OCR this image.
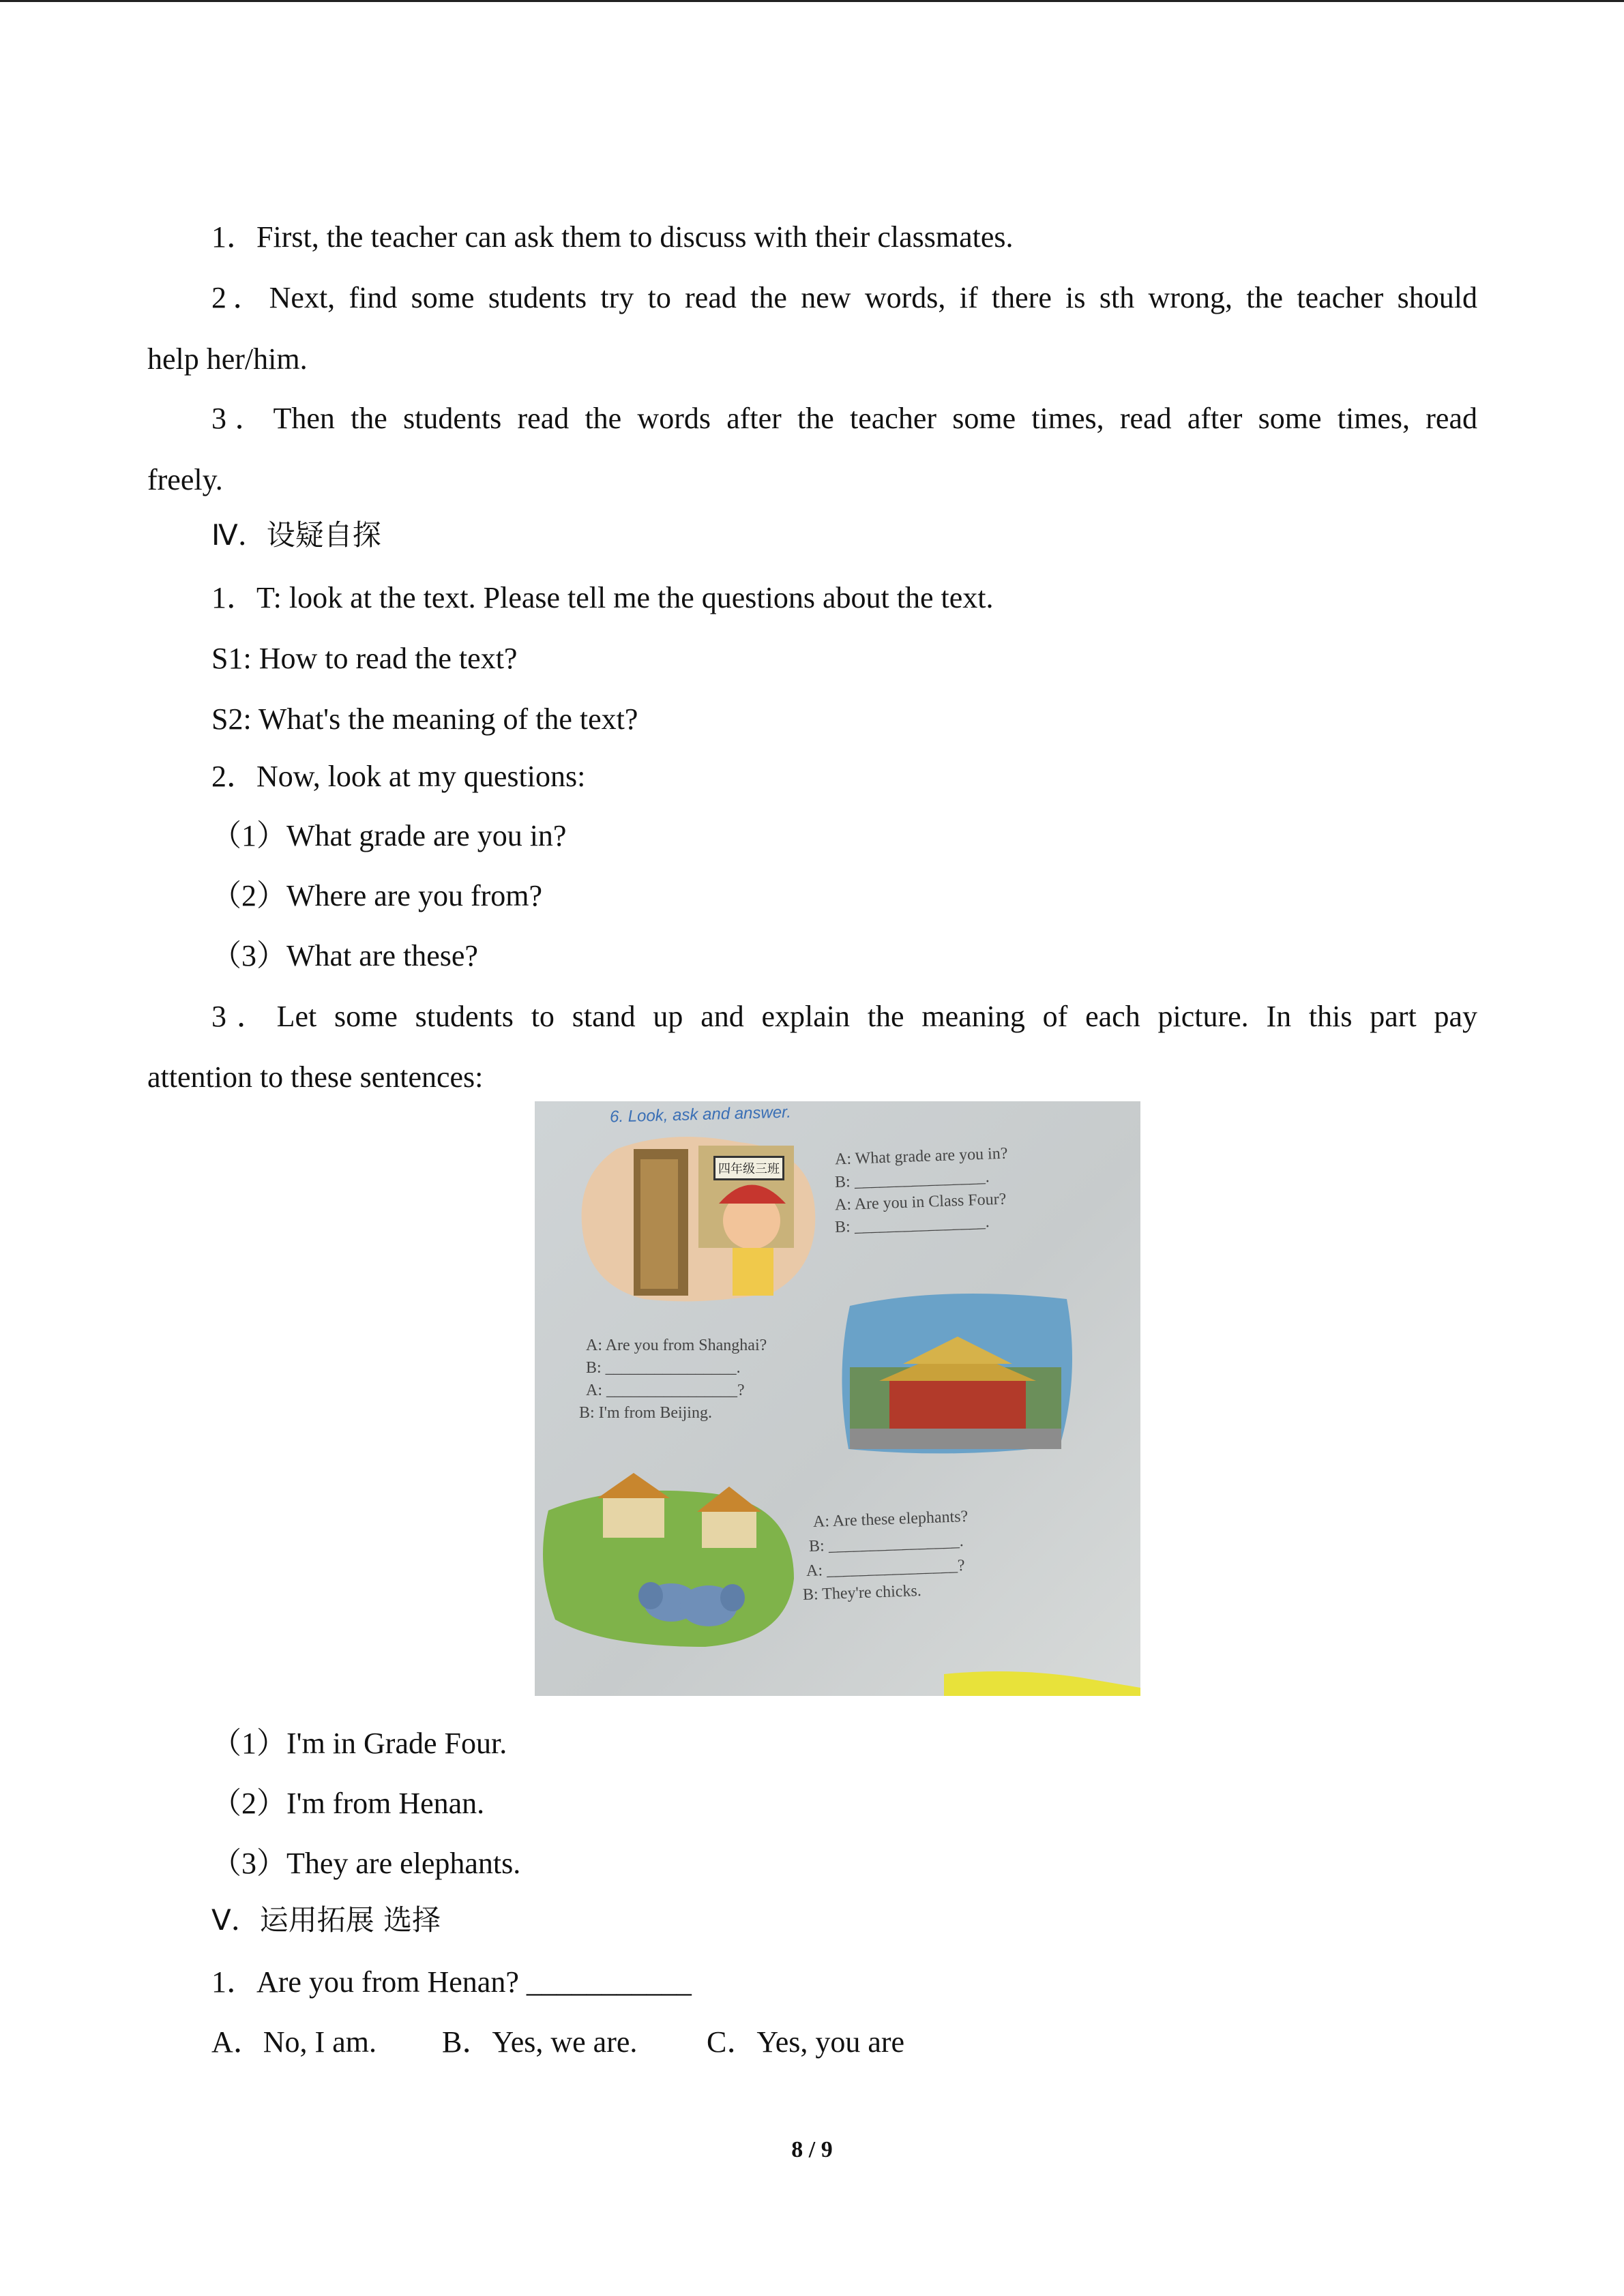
1．First, the teacher can ask them to discuss with their classmates.
2．Next, find some students try to read the new words, if there is sth wrong, the teacher should
help her/him.
3．Then the students read the words after the teacher some times, read after some times, read
freely.
Ⅳ．设疑自探
1．T: look at the text. Please tell me the questions about the text.
S1: How to read the text?
S2: What's the meaning of the text?
2．Now, look at my questions:
（1）What grade are you in?
（2）Where are you from?
（3）What are these?
3．Let some students to stand up and explain the meaning of each picture. In this part pay
attention to these sentences:
6. Look, ask and answer.
四年级三班
A: What grade are you in?
B: ________________.
A: Are you in Class Four?
B: ________________.
A: Are you from Shanghai?
B: ________________.
A: ________________?
B: I'm from Beijing.
A: Are these elephants?
B: ________________.
A: ________________?
B: They're chicks.
（1）I'm in Grade Four.
（2）I'm from Henan.
（3）They are elephants.
Ⅴ．运用拓展 选择
1．Are you from Henan? ___________
A．No, I am. B．Yes, we are. C．Yes, you are
8 / 9
